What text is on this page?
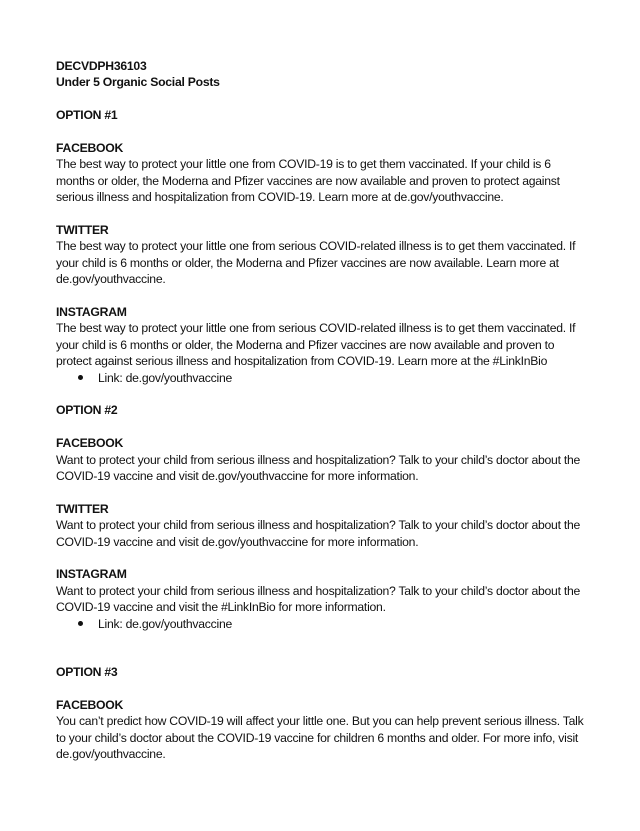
DECVDPH36103

Under 5 Organic Social Posts

OPTION #1

FACEBOOK

The best way to protect your little one from COVID-19 is to get them vaccinated. If your child is 6 months or older, the Moderna and Pfizer vaccines are now available and proven to protect against serious illness and hospitalization from COVID-19. Learn more at de.gov/youthvaccine.

TWITTER

The best way to protect your little one from serious COVID-related illness is to get them vaccinated. If your child is 6 months or older, the Moderna and Pfizer vaccines are now available. Learn more at de.gov/youthvaccine.

INSTAGRAM

The best way to protect your little one from serious COVID-related illness is to get them vaccinated. If your child is 6 months or older, the Moderna and Pfizer vaccines are now available and proven to protect against serious illness and hospitalization from COVID-19. Learn more at the #LinkInBio

Link: de.gov/youthvaccine

OPTION #2

FACEBOOK

Want to protect your child from serious illness and hospitalization? Talk to your child’s doctor about the COVID-19 vaccine and visit de.gov/youthvaccine for more information.

TWITTER

Want to protect your child from serious illness and hospitalization? Talk to your child’s doctor about the COVID-19 vaccine and visit de.gov/youthvaccine for more information.

INSTAGRAM

Want to protect your child from serious illness and hospitalization? Talk to your child’s doctor about the COVID-19 vaccine and visit the #LinkInBio for more information.

Link: de.gov/youthvaccine

OPTION #3

FACEBOOK

You can’t predict how COVID-19 will affect your little one. But you can help prevent serious illness. Talk to your child’s doctor about the COVID-19 vaccine for children 6 months and older. For more info, visit de.gov/youthvaccine.
